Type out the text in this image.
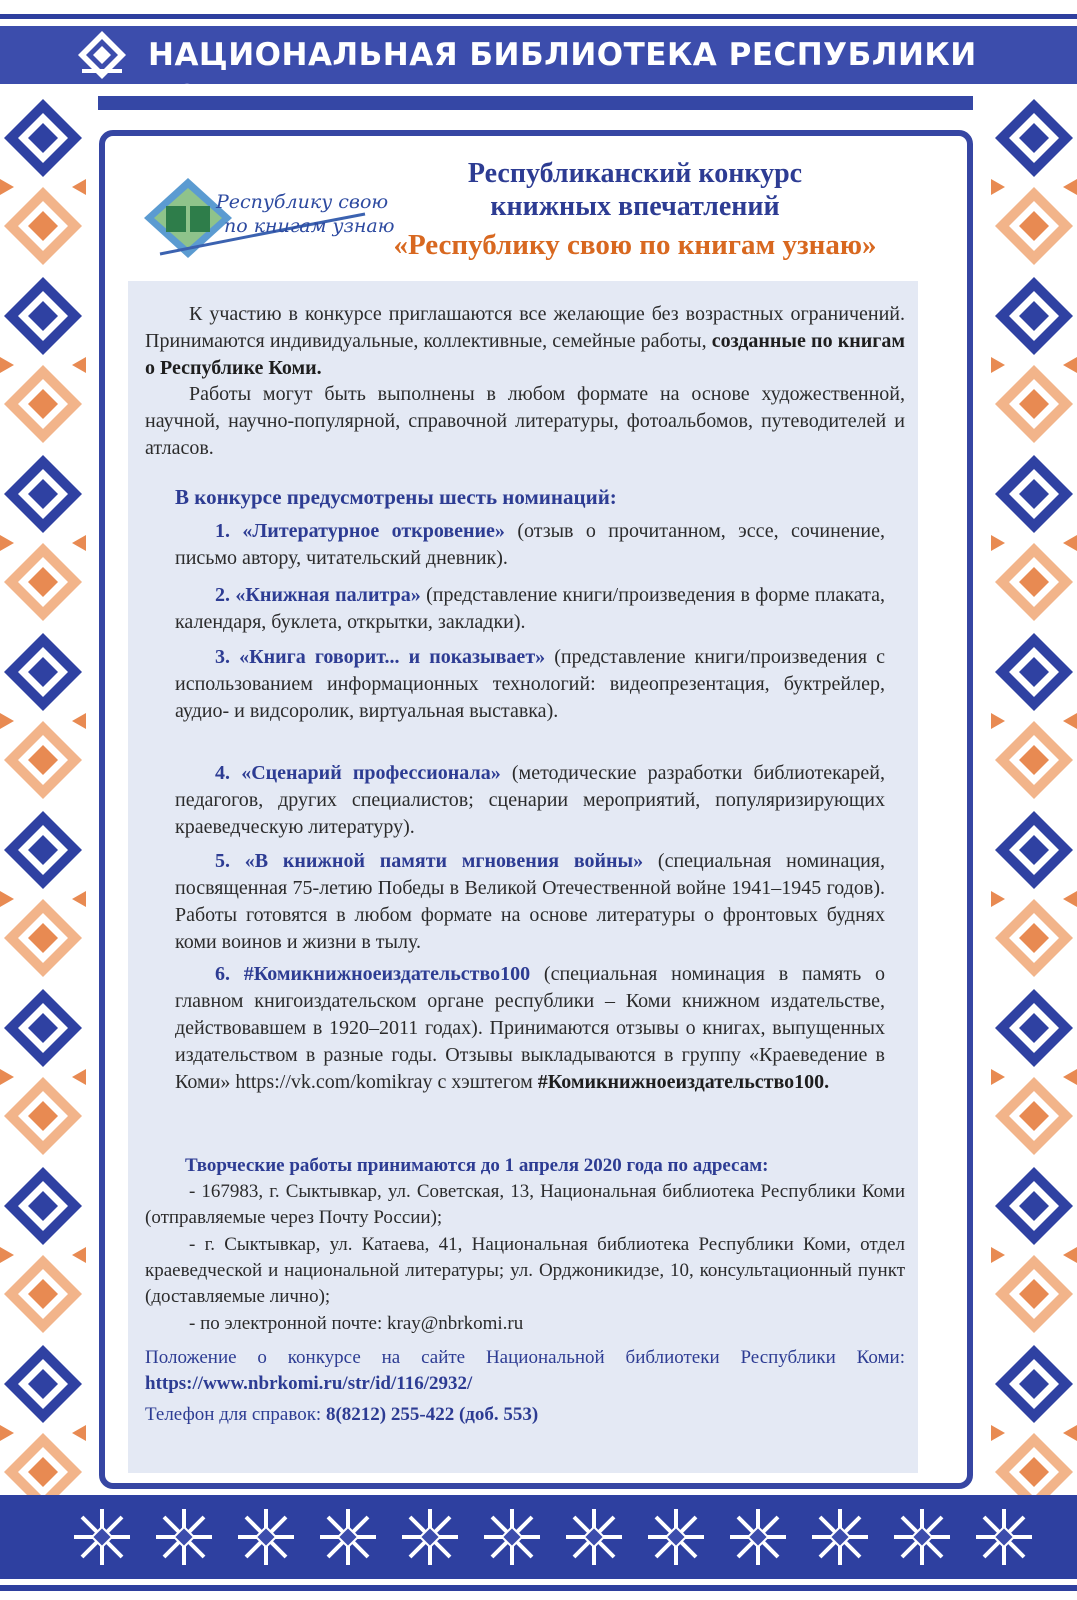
НАЦИОНАЛЬНАЯ БИБЛИОТЕКА РЕСПУБЛИКИ
Республику свою
по книгам узнаю
Республиканский конкурс
книжных впечатлений
«Республику свою по книгам узнаю»
К участию в конкурсе приглашаются все желающие без возрастных ограничений. Принимаются индивидуальные, коллективные, семейные работы, созданные по книгам о Республике Коми.
Работы могут быть выполнены в любом формате на основе художественной, научной, научно-популярной, справочной литературы, фотоальбомов, путеводителей и атласов.
В конкурсе предусмотрены шесть номинаций:
1. «Литературное откровение» (отзыв о прочитанном, эссе, сочинение, письмо автору, читательский дневник).
2. «Книжная палитра» (представление книги/произведения в форме плаката, календаря, буклета, открытки, закладки).
3. «Книга говорит... и показывает» (представление книги/произведения с использованием информационных технологий: видеопрезентация, буктрейлер, аудио- и видсоролик, виртуальная выставка).
4. «Сценарий профессионала» (методические разработки библиотекарей, педагогов, других специалистов; сценарии мероприятий, популяризирующих краеведческую литературу).
5. «В книжной памяти мгновения войны» (специальная номинация, посвященная 75-летию Победы в Великой Отечественной войне 1941–1945 годов). Работы готовятся в любом формате на основе литературы о фронтовых буднях коми воинов и жизни в тылу.
6. #Комикнижноеиздательство100 (специальная номинация в память о главном книгоиздательском органе республики – Коми книжном издательстве, действовавшем в 1920–2011 годах). Принимаются отзывы о книгах, выпущенных издательством в разные годы. Отзывы выкладываются в группу «Краеведение в Коми» https://vk.com/komikray с хэштегом #Комикнижноеиздательство100.
Творческие работы принимаются до 1 апреля 2020 года по адресам:
- 167983, г. Сыктывкар, ул. Советская, 13, Национальная библиотека Республики Коми (отправляемые через Почту России);
- г. Сыктывкар, ул. Катаева, 41, Национальная библиотека Республики Коми, отдел краеведческой и национальной литературы; ул. Орджоникидзе, 10, консультационный пункт (доставляемые лично);
- по электронной почте: kray@nbrkomi.ru
Положение о конкурсе на сайте Национальной библиотеки Республики Коми: https://www.nbrkomi.ru/str/id/116/2932/
Телефон для справок: 8(8212) 255-422 (доб. 553)
